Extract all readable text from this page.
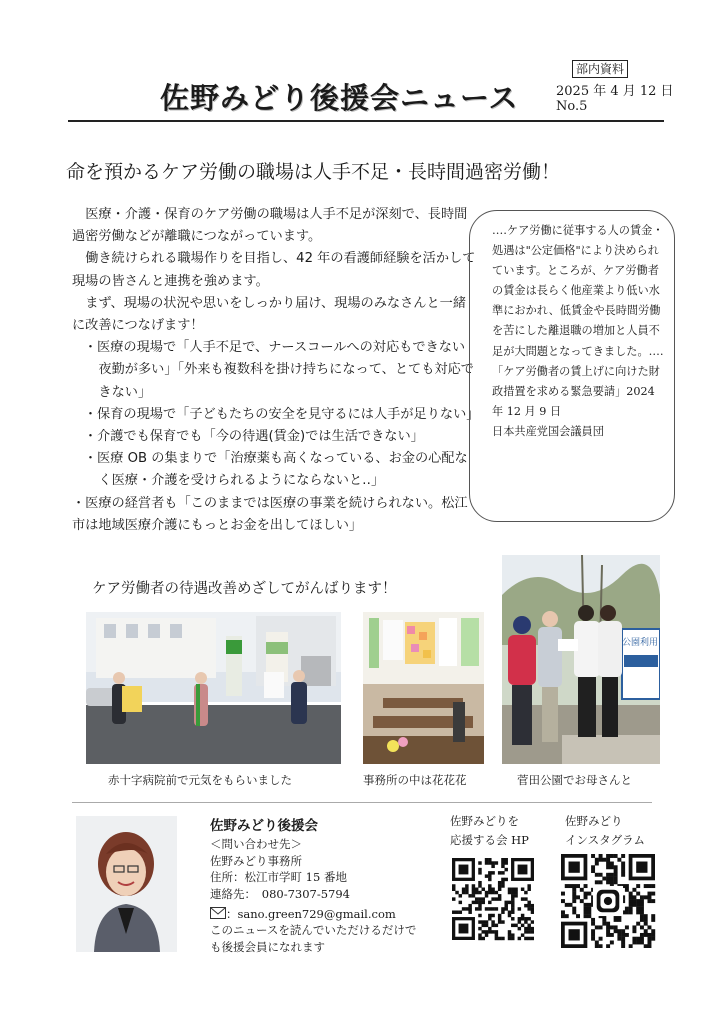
佐野みどり後援会ニュース
部内資料
2025 年 4 月 12 日
No.5
命を預かるケア労働の職場は人手不足・長時間過密労働！

医療・介護・保育のケア労働の職場は人手不足が深刻で、長時間過密労働などが離職につながっています。

働き続けられる職場作りを目指し、42 年の看護師経験を活かして現場の皆さんと連携を強めます。

まず、現場の状況や思いをしっかり届け、現場のみなさんと一緒に改善につなげます！

・医療の現場で「人手不足で、ナースコールへの対応もできない夜勤が多い」「外来も複数科を掛け持ちになって、とても対応できない」

・保育の現場で「子どもたちの安全を見守るには人手が足りない」

・介護でも保育でも「今の待遇(賃金)では生活できない」

・医療 OB の集まりで「治療薬も高くなっている、お金の心配なく医療・介護を受けられるようにならないと‥」

・医療の経営者も「このままでは医療の事業を続けられない。松江市は地域医療介護にもっとお金を出してほしい」

‥‥ケア労働に従事する人の賃金・処遇は"公定価格"により決められています。ところが、ケア労働者の賃金は長らく他産業より低い水準におかれ、低賃金や長時間労働を苦にした離退職の増加と人員不足が大問題となってきました。‥‥

「ケア労働者の賃上げに向けた財政措置を求める緊急要請」2024 年 12 月 9 日

日本共産党国会議員団

ケア労働者の待遇改善めざしてがんばります！
赤十字病院前で元気をもらいました	事務所の中は花花花
公園利用
菅田公園でお母さんと
佐野みどり後援会
＜問い合わせ先＞
佐野みどり事務所
住所：松江市学町 15 番地
連絡先：　080-7307-5794
：sano.green729@gmail.com
このニュースを読んでいただけるだけで
も後援会員になれます
佐野みどりを
応援する会 HP
佐野みどり
インスタグラム
